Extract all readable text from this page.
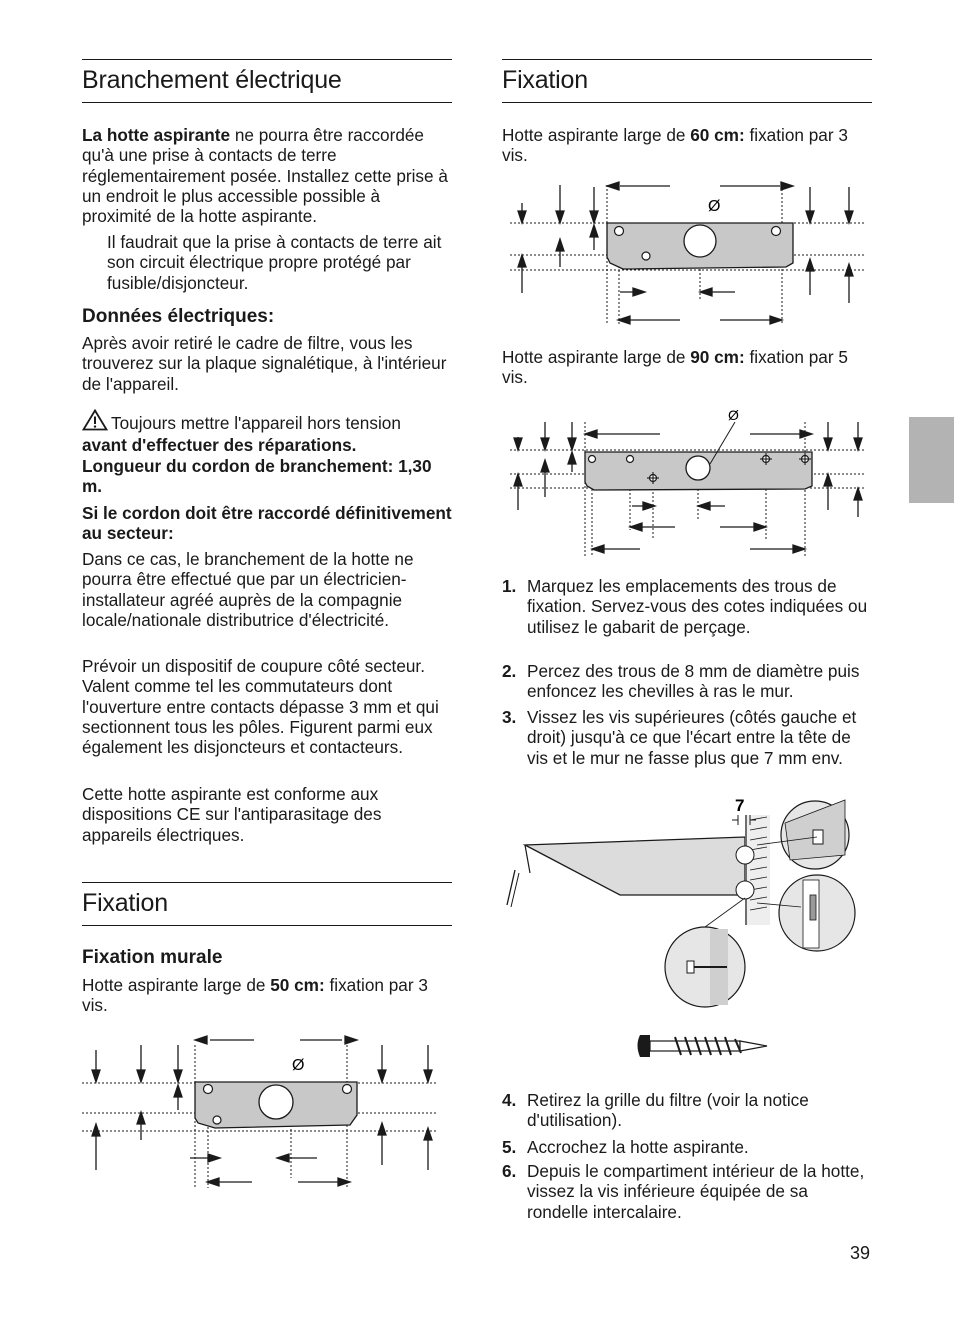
Branchement électrique
La hotte aspirante ne pourra être raccordée qu'à une prise à contacts de terre réglementairement posée. Installez cette prise à un endroit le plus accessible possible à proximité de la hotte aspirante.
Il faudrait que la prise à contacts de terre ait son circuit électrique propre protégé par fusible/disjoncteur.
Données électriques:
Après avoir retiré le cadre de filtre, vous les trouverez sur la plaque signalétique, à l'intérieur de l'appareil.
Toujours mettre l'appareil hors tension
avant d'effectuer des réparations.
Longueur du cordon de branchement: 1,30 m.
Si le cordon doit être raccordé définitivement au secteur:
Dans ce cas, le branchement de la hotte ne pourra être effectué que par un électricien-installateur agréé auprès de la compagnie locale/nationale distributrice d'électricité.
Prévoir un dispositif de coupure côté secteur. Valent comme tel les commutateurs dont l'ouverture entre contacts dépasse 3 mm et qui sectionnent tous les pôles. Figurent parmi eux également les disjoncteurs et contacteurs.
Cette hotte aspirante est conforme aux dispositions CE sur l'antiparasitage des appareils électriques.
Fixation
Fixation murale
Hotte aspirante large de 50 cm: fixation par 3 vis.
Ø
Fixation
Hotte aspirante large de 60 cm: fixation par 3 vis.
Hotte aspirante large de 90 cm: fixation par 5 vis.
1. Marquez les emplacements des trous de fixation. Servez-vous des cotes indiquées ou utilisez le gabarit de perçage.
2. Percez des trous de 8 mm de diamètre puis enfoncez les chevilles à ras le mur.
3. Vissez les vis supérieures (côtés gauche et droit) jusqu'à ce que l'écart entre la tête de vis et le mur ne fasse plus que 7 mm env.
4. Retirez la grille du filtre (voir la notice d'utilisation).
5. Accrochez la hotte aspirante.
6. Depuis le compartiment intérieur de la hotte, vissez la vis inférieure équipée de sa rondelle intercalaire.
Ø
Ø
7
39
